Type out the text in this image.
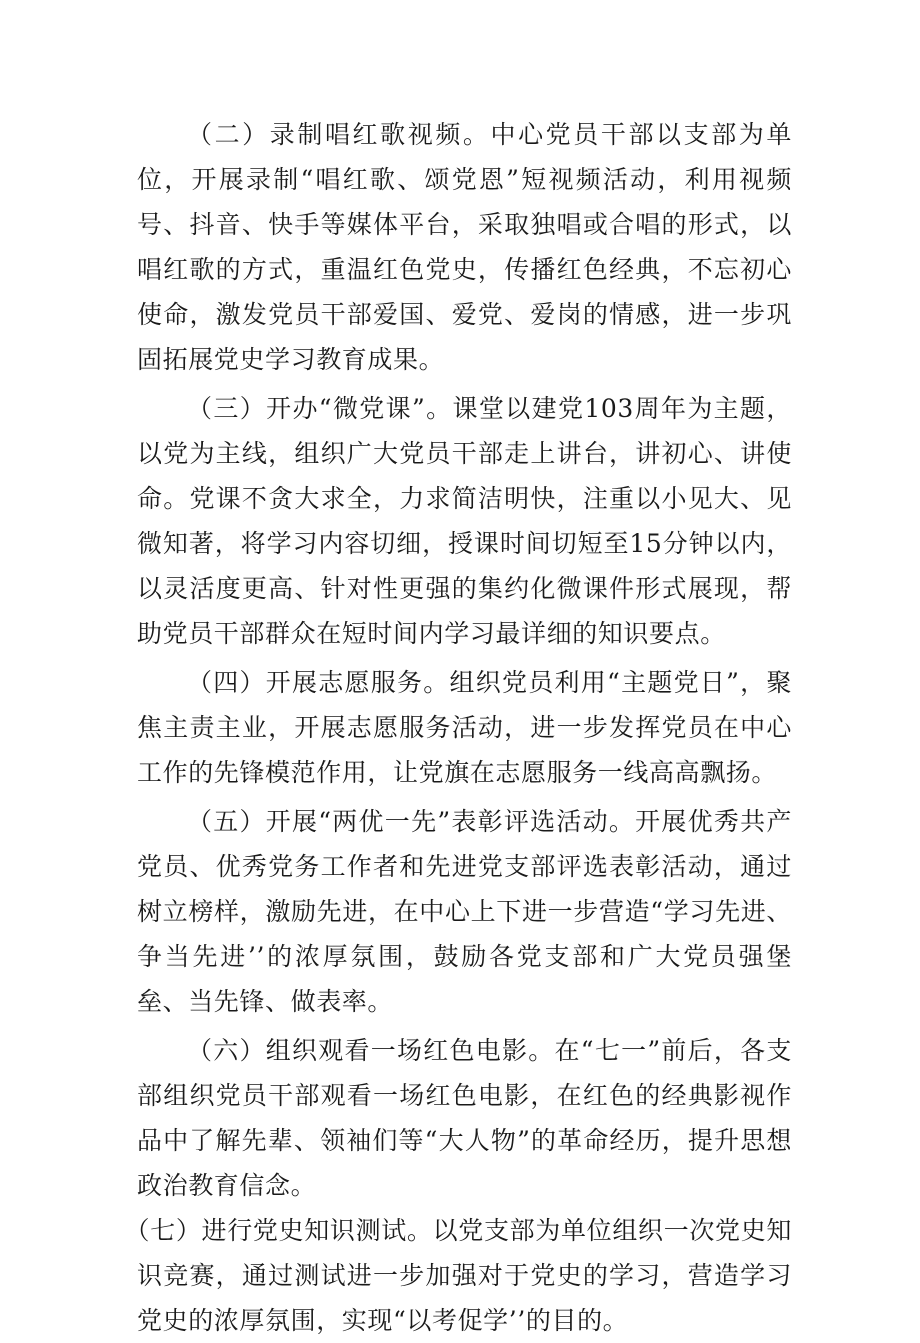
（二）录制唱红歌视频。中心党员干部以支部为单位，开展录制“唱红歌、颂党恩”短视频活动，利用视频号、抖音、快手等媒体平台，采取独唱或合唱的形式，以唱红歌的方式，重温红色党史，传播红色经典，不忘初心使命，激发党员干部爱国、爱党、爱岗的情感，进一步巩固拓展党史学习教育成果。

（三）开办“微党课”。课堂以建党103周年为主题，以党为主线，组织广大党员干部走上讲台，讲初心、讲使命。党课不贪大求全，力求简洁明快，注重以小见大、见微知著，将学习内容切细，授课时间切短至15分钟以内，以灵活度更高、针对性更强的集约化微课件形式展现，帮助党员干部群众在短时间内学习最详细的知识要点。

（四）开展志愿服务。组织党员利用“主题党日”，聚焦主责主业，开展志愿服务活动，进一步发挥党员在中心工作的先锋模范作用，让党旗在志愿服务一线高高飘扬。

（五）开展“两优一先”表彰评选活动。开展优秀共产党员、优秀党务工作者和先进党支部评选表彰活动，通过树立榜样，激励先进，在中心上下进一步营造“学习先进、争当先进’’的浓厚氛围，鼓励各党支部和广大党员强堡垒、当先锋、做表率。

（六）组织观看一场红色电影。在“七一”前后，各支部组织党员干部观看一场红色电影，在红色的经典影视作品中了解先辈、领袖们等“大人物”的革命经历，提升思想政治教育信念。

（七）进行党史知识测试。以党支部为单位组织一次党史知识竞赛，通过测试进一步加强对于党史的学习，营造学习党史的浓厚氛围，实现“以考促学’’的目的。
